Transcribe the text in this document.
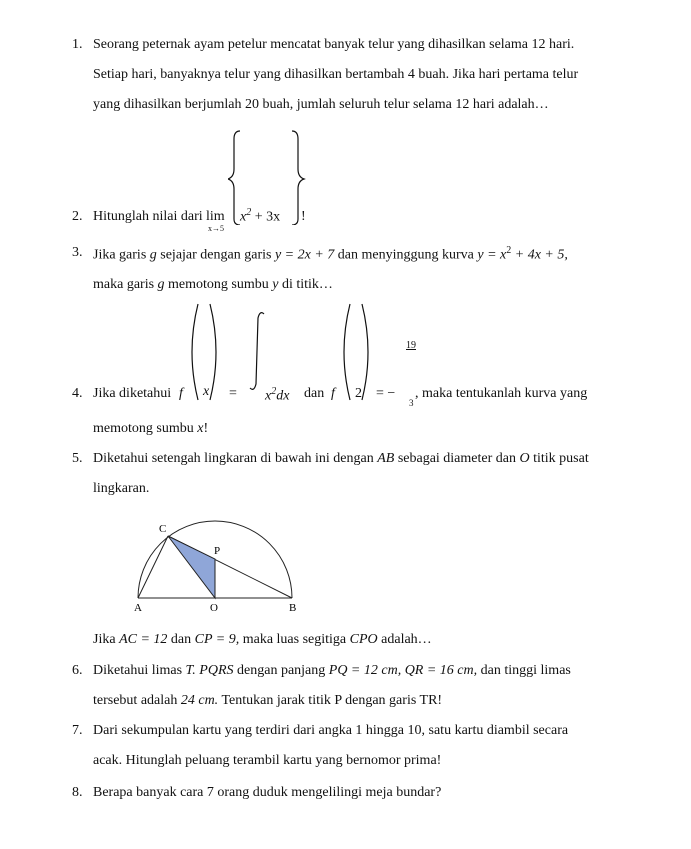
1. Seorang peternak ayam petelur mencatat banyak telur yang dihasilkan selama 12 hari.
Setiap hari, banyaknya telur yang dihasilkan bertambah 4 buah. Jika hari pertama telur
yang dihasilkan berjumlah 20 buah, jumlah seluruh telur selama 12 hari adalah…
2. Hitunglah nilai dari lim
x→5
$x^2 + 3x$ !
3. Jika garis g sejajar dengan garis y = 2x + 7 dan menyinggung kurva $y = x^2 + 4x + 5$,
maka garis g memotong sumbu y di titik…
4. Jika diketahui f $x = x^2dx$ dan f 2 = −
19
3
, maka tentukanlah kurva yang
memotong sumbu x!
5. Diketahui setengah lingkaran di bawah ini dengan AB sebagai diameter dan O titik pusat
lingkaran.
C
P
A	O	B
Jika AC = 12 dan CP = 9, maka luas segitiga CPO adalah…
6. Diketahui limas T. PQRS dengan panjang PQ = 12 cm, QR = 16 cm, dan tinggi limas
tersebut adalah 24 cm. Tentukan jarak titik P dengan garis TR!
7. Dari sekumpulan kartu yang terdiri dari angka 1 hingga 10, satu kartu diambil secara
acak. Hitunglah peluang terambil kartu yang bernomor prima!
8. Berapa banyak cara 7 orang duduk mengelilingi meja bundar?
